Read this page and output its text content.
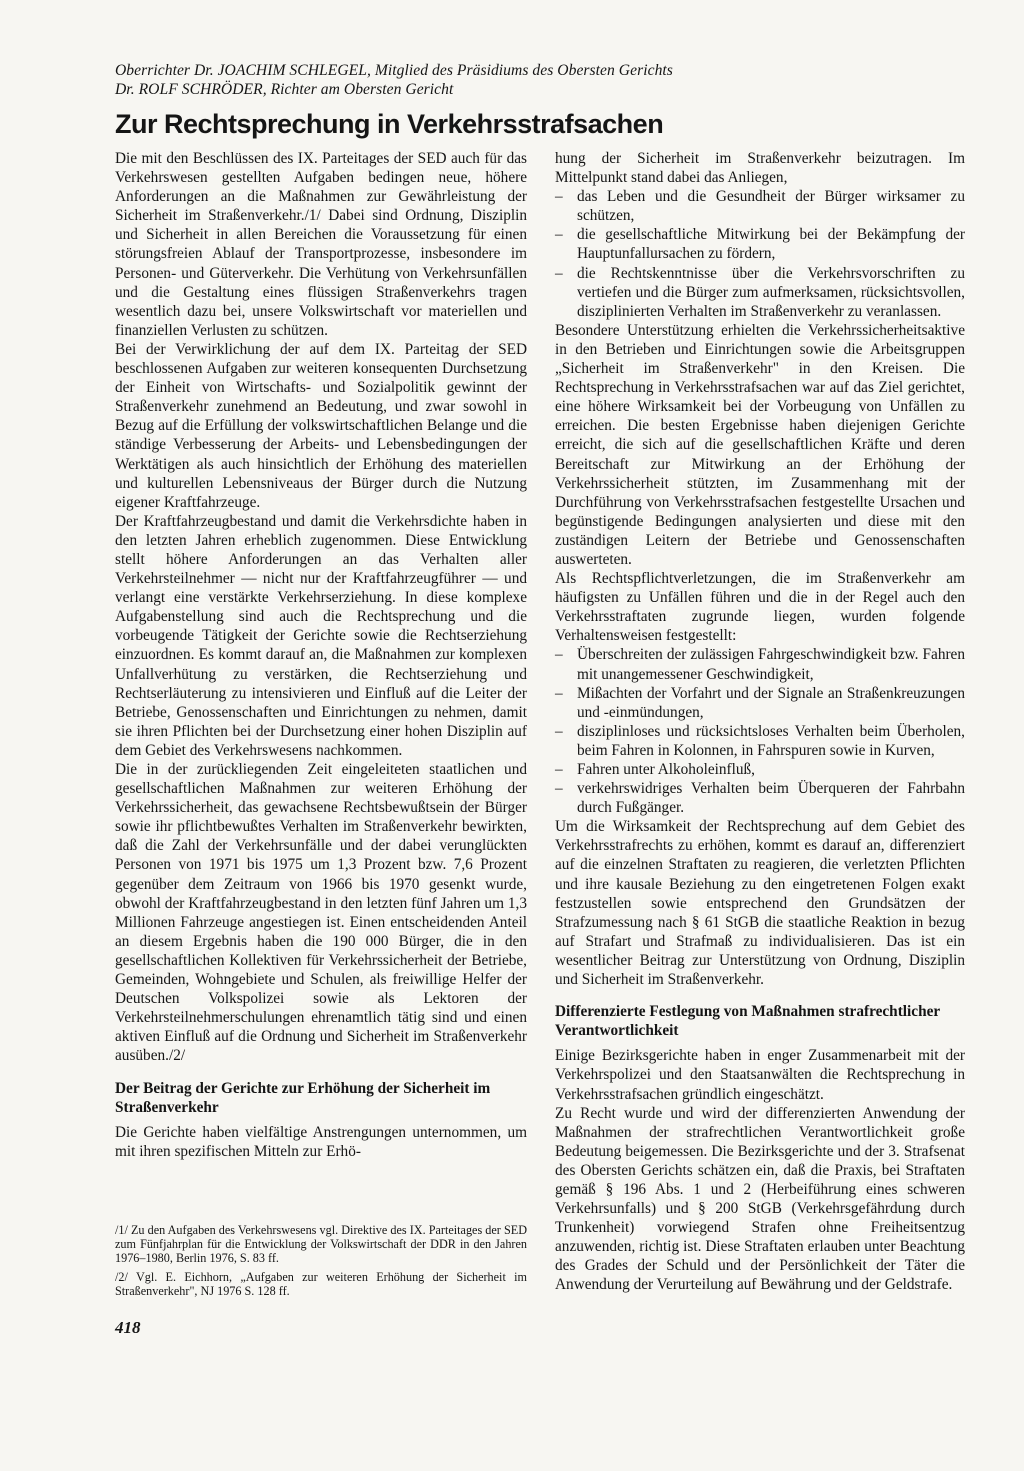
Oberrichter Dr. JOACHIM SCHLEGEL, Mitglied des Präsidiums des Obersten Gerichts
Dr. ROLF SCHRÖDER, Richter am Obersten Gericht
Zur Rechtsprechung in Verkehrsstrafsachen

Die mit den Beschlüssen des IX. Parteitages der SED auch für das Verkehrswesen gestellten Aufgaben bedingen neue, höhere Anforderungen an die Maßnahmen zur Gewährleistung der Sicherheit im Straßenverkehr./1/ Dabei sind Ordnung, Disziplin und Sicherheit in allen Bereichen die Voraussetzung für einen störungsfreien Ablauf der Transportprozesse, insbesondere im Personen- und Güterverkehr. Die Verhütung von Verkehrsunfällen und die Gestaltung eines flüssigen Straßenverkehrs tragen wesentlich dazu bei, unsere Volkswirtschaft vor materiellen und finanziellen Verlusten zu schützen.

Bei der Verwirklichung der auf dem IX. Parteitag der SED beschlossenen Aufgaben zur weiteren konsequenten Durchsetzung der Einheit von Wirtschafts- und Sozialpolitik gewinnt der Straßenverkehr zunehmend an Bedeutung, und zwar sowohl in Bezug auf die Erfüllung der volkswirtschaftlichen Belange und die ständige Verbesserung der Arbeits- und Lebensbedingungen der Werktätigen als auch hinsichtlich der Erhöhung des materiellen und kulturellen Lebensniveaus der Bürger durch die Nutzung eigener Kraftfahrzeuge.

Der Kraftfahrzeugbestand und damit die Verkehrsdichte haben in den letzten Jahren erheblich zugenommen. Diese Entwicklung stellt höhere Anforderungen an das Verhalten aller Verkehrsteilnehmer — nicht nur der Kraftfahrzeugführer — und verlangt eine verstärkte Verkehrserziehung. In diese komplexe Aufgabenstellung sind auch die Rechtsprechung und die vorbeugende Tätigkeit der Gerichte sowie die Rechtserziehung einzuordnen. Es kommt darauf an, die Maßnahmen zur komplexen Unfallverhütung zu verstärken, die Rechtserziehung und Rechtserläuterung zu intensivieren und Einfluß auf die Leiter der Betriebe, Genossenschaften und Einrichtungen zu nehmen, damit sie ihren Pflichten bei der Durchsetzung einer hohen Disziplin auf dem Gebiet des Verkehrswesens nachkommen.

Die in der zurückliegenden Zeit eingeleiteten staatlichen und gesellschaftlichen Maßnahmen zur weiteren Erhöhung der Verkehrssicherheit, das gewachsene Rechtsbewußtsein der Bürger sowie ihr pflichtbewußtes Verhalten im Straßenverkehr bewirkten, daß die Zahl der Verkehrsunfälle und der dabei verunglückten Personen von 1971 bis 1975 um 1,3 Prozent bzw. 7,6 Prozent gegenüber dem Zeitraum von 1966 bis 1970 gesenkt wurde, obwohl der Kraftfahrzeugbestand in den letzten fünf Jahren um 1,3 Millionen Fahrzeuge angestiegen ist. Einen entscheidenden Anteil an diesem Ergebnis haben die 190 000 Bürger, die in den gesellschaftlichen Kollektiven für Verkehrssicherheit der Betriebe, Gemeinden, Wohngebiete und Schulen, als freiwillige Helfer der Deutschen Volkspolizei sowie als Lektoren der Verkehrsteilnehmerschulungen ehrenamtlich tätig sind und einen aktiven Einfluß auf die Ordnung und Sicherheit im Straßenverkehr ausüben./2/

Der Beitrag der Gerichte zur Erhöhung der Sicherheit im Straßenverkehr

Die Gerichte haben vielfältige Anstrengungen unternommen, um mit ihren spezifischen Mitteln zur Erhö-

/1/ Zu den Aufgaben des Verkehrswesens vgl. Direktive des IX. Parteitages der SED zum Fünfjahrplan für die Entwicklung der Volkswirtschaft der DDR in den Jahren 1976–1980, Berlin 1976, S. 83 ff.

/2/ Vgl. E. Eichhorn, „Aufgaben zur weiteren Erhöhung der Sicherheit im Straßenverkehr", NJ 1976 S. 128 ff.

418

hung der Sicherheit im Straßenverkehr beizutragen. Im Mittelpunkt stand dabei das Anliegen,

– das Leben und die Gesundheit der Bürger wirksamer zu schützen,
– die gesellschaftliche Mitwirkung bei der Bekämpfung der Hauptunfallursachen zu fördern,
– die Rechtskenntnisse über die Verkehrsvorschriften zu vertiefen und die Bürger zum aufmerksamen, rücksichtsvollen, disziplinierten Verhalten im Straßenverkehr zu veranlassen.

Besondere Unterstützung erhielten die Verkehrssicherheitsaktive in den Betrieben und Einrichtungen sowie die Arbeitsgruppen „Sicherheit im Straßenverkehr" in den Kreisen. Die Rechtsprechung in Verkehrsstrafsachen war auf das Ziel gerichtet, eine höhere Wirksamkeit bei der Vorbeugung von Unfällen zu erreichen. Die besten Ergebnisse haben diejenigen Gerichte erreicht, die sich auf die gesellschaftlichen Kräfte und deren Bereitschaft zur Mitwirkung an der Erhöhung der Verkehrssicherheit stützten, im Zusammenhang mit der Durchführung von Verkehrsstrafsachen festgestellte Ursachen und begünstigende Bedingungen analysierten und diese mit den zuständigen Leitern der Betriebe und Genossenschaften auswerteten.

Als Rechtspflichtverletzungen, die im Straßenverkehr am häufigsten zu Unfällen führen und die in der Regel auch den Verkehrsstraftaten zugrunde liegen, wurden folgende Verhaltensweisen festgestellt:

– Überschreiten der zulässigen Fahrgeschwindigkeit bzw. Fahren mit unangemessener Geschwindigkeit,
– Mißachten der Vorfahrt und der Signale an Straßenkreuzungen und -einmündungen,
– disziplinloses und rücksichtsloses Verhalten beim Überholen, beim Fahren in Kolonnen, in Fahrspuren sowie in Kurven,
– Fahren unter Alkoholeinfluß,
– verkehrswidriges Verhalten beim Überqueren der Fahrbahn durch Fußgänger.

Um die Wirksamkeit der Rechtsprechung auf dem Gebiet des Verkehrsstrafrechts zu erhöhen, kommt es darauf an, differenziert auf die einzelnen Straftaten zu reagieren, die verletzten Pflichten und ihre kausale Beziehung zu den eingetretenen Folgen exakt festzustellen sowie entsprechend den Grundsätzen der Strafzumessung nach § 61 StGB die staatliche Reaktion in bezug auf Strafart und Strafmaß zu individualisieren. Das ist ein wesentlicher Beitrag zur Unterstützung von Ordnung, Disziplin und Sicherheit im Straßenverkehr.

Differenzierte Festlegung von Maßnahmen strafrechtlicher Verantwortlichkeit

Einige Bezirksgerichte haben in enger Zusammenarbeit mit der Verkehrspolizei und den Staatsanwälten die Rechtsprechung in Verkehrsstrafsachen gründlich eingeschätzt.

Zu Recht wurde und wird der differenzierten Anwendung der Maßnahmen der strafrechtlichen Verantwortlichkeit große Bedeutung beigemessen. Die Bezirksgerichte und der 3. Strafsenat des Obersten Gerichts schätzen ein, daß die Praxis, bei Straftaten gemäß § 196 Abs. 1 und 2 (Herbeiführung eines schweren Verkehrsunfalls) und § 200 StGB (Verkehrsgefährdung durch Trunkenheit) vorwiegend Strafen ohne Freiheitsentzug anzuwenden, richtig ist. Diese Straftaten erlauben unter Beachtung des Grades der Schuld und der Persönlichkeit der Täter die Anwendung der Verurteilung auf Bewährung und der Geldstrafe.
